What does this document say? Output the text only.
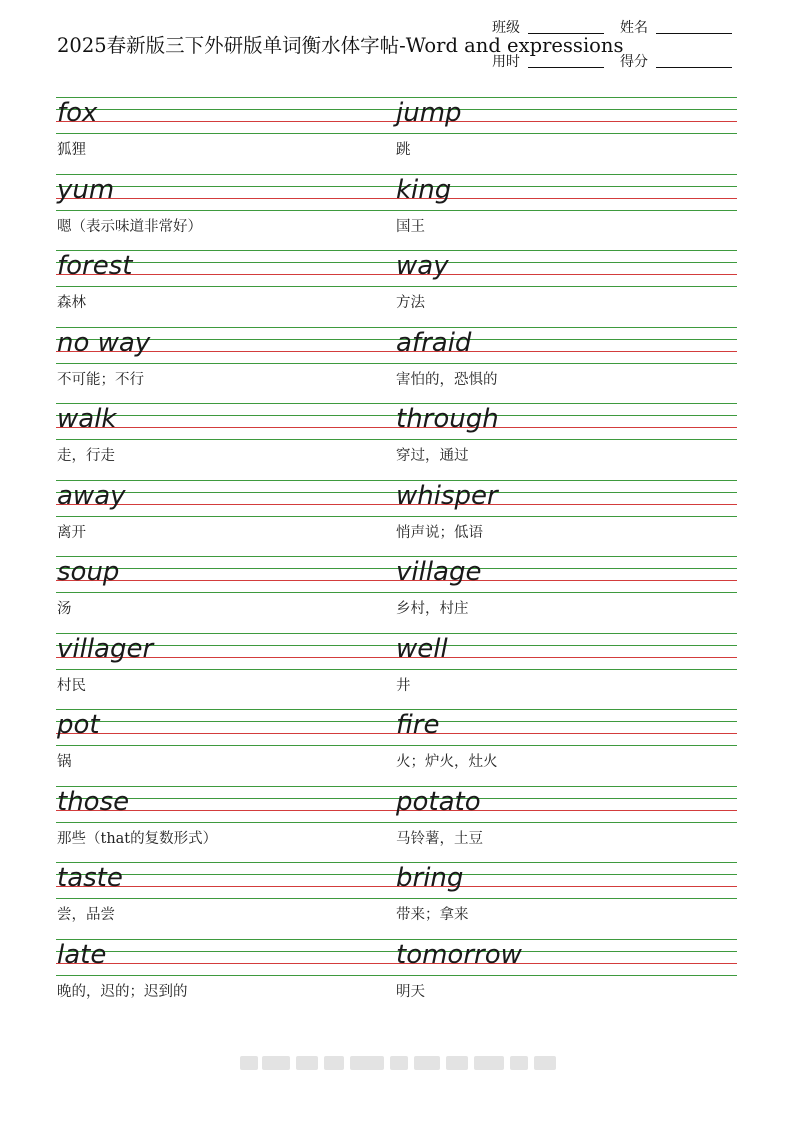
2025春新版三下外研版单词衡水体字帖-Word and expressions
班级	姓名
用时	得分
fox
狐狸
jump
跳
yum
嗯（表示味道非常好）
king
国王
forest
森林
way
方法
no way
不可能；不行
afraid
害怕的，恐惧的
walk
走，行走
through
穿过，通过
away
离开
whisper
悄声说；低语
soup
汤
village
乡村，村庄
villager
村民
well
井
pot
锅
fire
火；炉火，灶火
those
那些（that的复数形式）
potato
马铃薯，土豆
taste
尝，品尝
bring
带来；拿来
late
晚的，迟的；迟到的
tomorrow
明天
